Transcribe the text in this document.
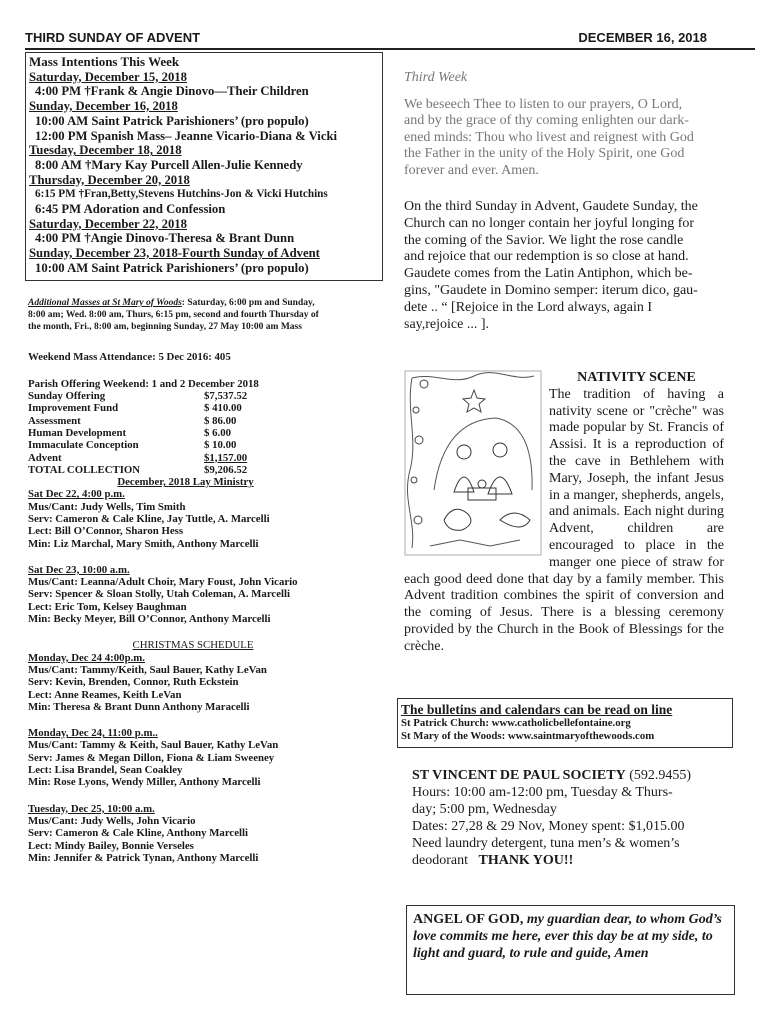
THIRD SUNDAY OF ADVENT	DECEMBER 16, 2018
Mass Intentions This Week
Saturday, December 15, 2018
4:00 PM †Frank & Angie Dinovo—Their Children
Sunday, December 16, 2018
10:00 AM Saint Patrick Parishioners’ (pro populo)
12:00 PM Spanish Mass– Jeanne Vicario-Diana & Vicki
Tuesday, December 18, 2018
8:00 AM †Mary Kay Purcell Allen-Julie Kennedy
Thursday, December 20, 2018
6:15 PM †Fran,Betty,Stevens Hutchins-Jon & Vicki Hutchins
6:45 PM Adoration and Confession
Saturday, December 22, 2018
4:00 PM †Angie Dinovo-Theresa & Brant Dunn
Sunday, December 23, 2018-Fourth Sunday of Advent
10:00 AM Saint Patrick Parishioners’ (pro populo)
Additional Masses at St Mary of Woods: Saturday, 6:00 pm and Sunday,
8:00 am; Wed. 8:00 am, Thurs, 6:15 pm, second and fourth Thursday of
the month, Fri., 8:00 am, beginning Sunday, 27 May 10:00 am Mass
Weekend Mass Attendance: 5 Dec 2016: 405
Parish Offering Weekend: 1 and 2 December 2018
Sunday Offering	$7,537.52
Improvement Fund	$ 410.00
Assessment	$ 86.00
Human Development	$ 6.00
Immaculate Conception	$ 10.00
Advent	$1,157.00
TOTAL COLLECTION	$9,206.52
December, 2018 Lay Ministry
Sat Dec 22, 4:00 p.m.
Mus/Cant: Judy Wells, Tim Smith
Serv: Cameron & Cale Kline, Jay Tuttle, A. Marcelli
Lect: Bill O’Connor, Sharon Hess
Min: Liz Marchal, Mary Smith, Anthony Marcelli
Sat Dec 23, 10:00 a.m.
Mus/Cant: Leanna/Adult Choir, Mary Foust, John Vicario
Serv: Spencer & Sloan Stolly, Utah Coleman, A. Marcelli
Lect: Eric Tom, Kelsey Baughman
Min: Becky Meyer, Bill O’Connor, Anthony Marcelli
CHRISTMAS SCHEDULE
Monday, Dec 24 4:00p.m.
Mus/Cant: Tammy/Keith, Saul Bauer, Kathy LeVan
Serv: Kevin, Brenden, Connor, Ruth Eckstein
Lect: Anne Reames, Keith LeVan
Min: Theresa & Brant Dunn Anthony Maracelli
Monday, Dec 24, 11:00 p.m..
Mus/Cant: Tammy & Keith, Saul Bauer, Kathy LeVan
Serv: James & Megan Dillon, Fiona & Liam Sweeney
Lect: Lisa Brandel, Sean Coakley
Min: Rose Lyons, Wendy Miller, Anthony Marcelli
Tuesday, Dec 25, 10:00 a.m.
Mus/Cant: Judy Wells, John Vicario
Serv: Cameron & Cale Kline, Anthony Marcelli
Lect: Mindy Bailey, Bonnie Verseles
Min: Jennifer & Patrick Tynan, Anthony Marcelli
Third Week
We beseech Thee to listen to our prayers, O Lord,
and by the grace of thy coming enlighten our dark-
ened minds: Thou who livest and reignest with God
the Father in the unity of the Holy Spirit, one God
forever and ever. Amen.
On the third Sunday in Advent, Gaudete Sunday, the
Church can no longer contain her joyful longing for
the coming of the Savior. We light the rose candle
and rejoice that our redemption is so close at hand.
Gaudete comes from the Latin Antiphon, which be-
gins, "Gaudete in Domino semper: iterum dico, gau-
dete .. “ [Rejoice in the Lord always, again I
say,rejoice ... ].
NATIVITY SCENE
The tradition of having a nativity scene or "crèche" was made popular by St. Francis of Assisi. It is a reproduction of the cave in Bethlehem with Mary, Joseph, the infant Jesus in a manger, shepherds, angels, and animals. Each night during Advent, children are encouraged to place in the manger one piece of straw for each good deed done that day by a family member. This Advent tradition combines the spirit of conversion and the coming of Jesus. There is a blessing ceremony provided by the Church in the Book of Blessings for the crèche.
The bulletins and calendars can be read on line
St Patrick Church: www.catholicbellefontaine.org
St Mary of the Woods: www.saintmaryofthewoods.com
ST VINCENT DE PAUL SOCIETY (592.9455)
Hours: 10:00 am-12:00 pm, Tuesday & Thurs-
day; 5:00 pm, Wednesday
Dates: 27,28 & 29 Nov, Money spent: $1,015.00
Need laundry detergent, tuna men’s & women’s
deodorant THANK YOU!!
ANGEL OF GOD, my guardian dear, to whom God’s love commits me here, ever this day be at my side, to light and guard, to rule and guide, Amen
